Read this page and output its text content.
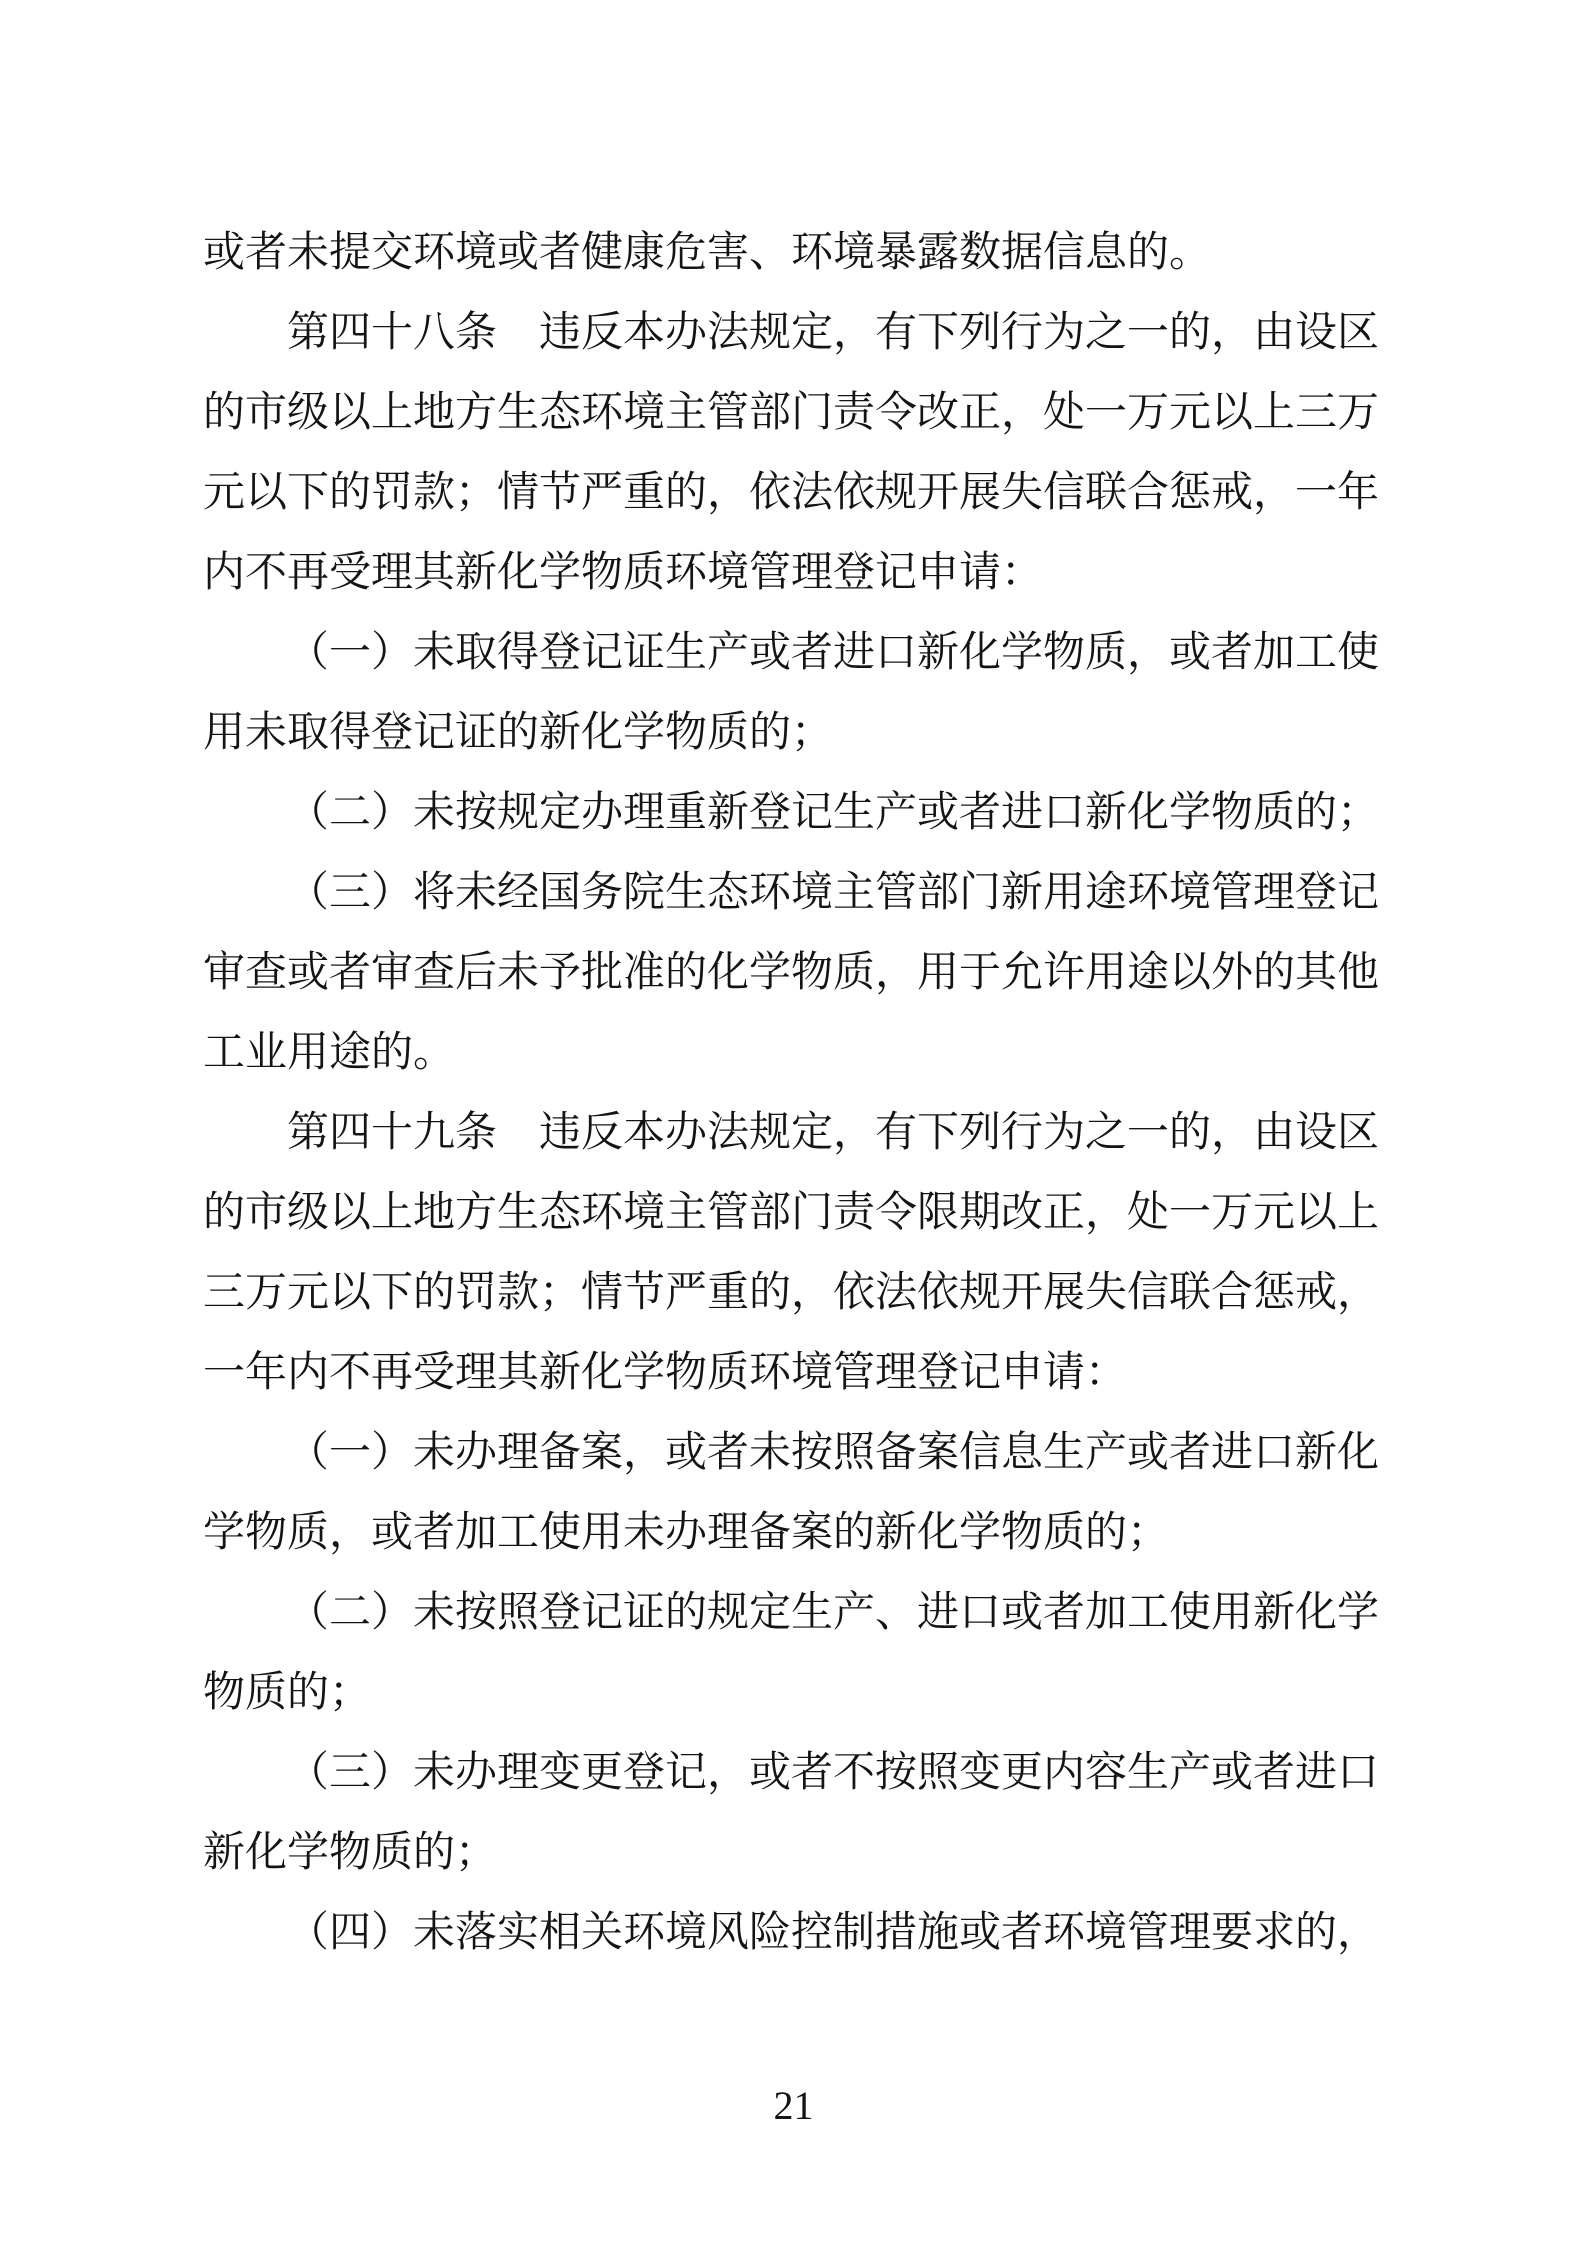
或者未提交环境或者健康危害、环境暴露数据信息的。
第四十八条　违反本办法规定，有下列行为之一的，由设区
的市级以上地方生态环境主管部门责令改正，处一万元以上三万
元以下的罚款；情节严重的，依法依规开展失信联合惩戒，一年
内不再受理其新化学物质环境管理登记申请：
（一）未取得登记证生产或者进口新化学物质，或者加工使
用未取得登记证的新化学物质的；
（二）未按规定办理重新登记生产或者进口新化学物质的；
（三）将未经国务院生态环境主管部门新用途环境管理登记
审查或者审查后未予批准的化学物质，用于允许用途以外的其他
工业用途的。
第四十九条　违反本办法规定，有下列行为之一的，由设区
的市级以上地方生态环境主管部门责令限期改正，处一万元以上
三万元以下的罚款；情节严重的，依法依规开展失信联合惩戒，
一年内不再受理其新化学物质环境管理登记申请：
（一）未办理备案，或者未按照备案信息生产或者进口新化
学物质，或者加工使用未办理备案的新化学物质的；
（二）未按照登记证的规定生产、进口或者加工使用新化学
物质的；
（三）未办理变更登记，或者不按照变更内容生产或者进口
新化学物质的；
（四）未落实相关环境风险控制措施或者环境管理要求的，
21
